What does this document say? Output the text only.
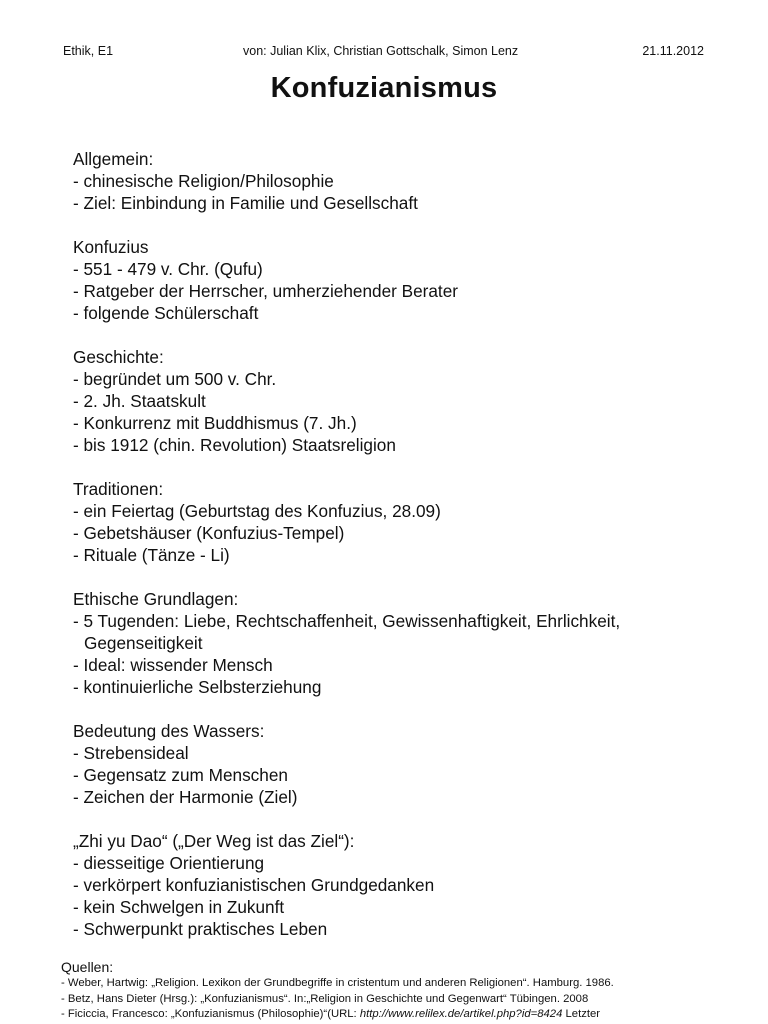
Ethik, E1	von: Julian Klix, Christian Gottschalk, Simon Lenz	21.11.2012
Konfuzianismus
Allgemein:
- chinesische Religion/Philosophie
- Ziel: Einbindung in Familie und Gesellschaft
Konfuzius
- 551 - 479 v. Chr. (Qufu)
- Ratgeber der Herrscher, umherziehender Berater
- folgende Schülerschaft
Geschichte:
- begründet um 500 v. Chr.
- 2. Jh. Staatskult
- Konkurrenz mit Buddhismus (7. Jh.)
- bis 1912 (chin. Revolution) Staatsreligion
Traditionen:
- ein Feiertag (Geburtstag des Konfuzius, 28.09)
- Gebetshäuser (Konfuzius-Tempel)
- Rituale (Tänze - Li)
Ethische Grundlagen:
- 5 Tugenden: Liebe, Rechtschaffenheit, Gewissenhaftigkeit, Ehrlichkeit, Gegenseitigkeit
- Ideal: wissender Mensch
- kontinuierliche Selbsterziehung
Bedeutung des Wassers:
- Strebensideal
- Gegensatz zum Menschen
- Zeichen der Harmonie (Ziel)
„Zhi yu Dao“ („Der Weg ist das Ziel“):
- diesseitige Orientierung
- verkörpert konfuzianistischen Grundgedanken
- kein Schwelgen in Zukunft
- Schwerpunkt praktisches Leben
Quellen:
- Weber, Hartwig: „Religion. Lexikon der Grundbegriffe in cristentum und anderen Religionen“. Hamburg. 1986.
- Betz, Hans Dieter (Hrsg.): „Konfuzianismus“. In:„Religion in Geschichte und Gegenwart“ Tübingen. 2008
- Ficiccia, Francesco: „Konfuzianismus (Philosophie)“(URL: http://www.relilex.de/artikel.php?id=8424 Letzter
